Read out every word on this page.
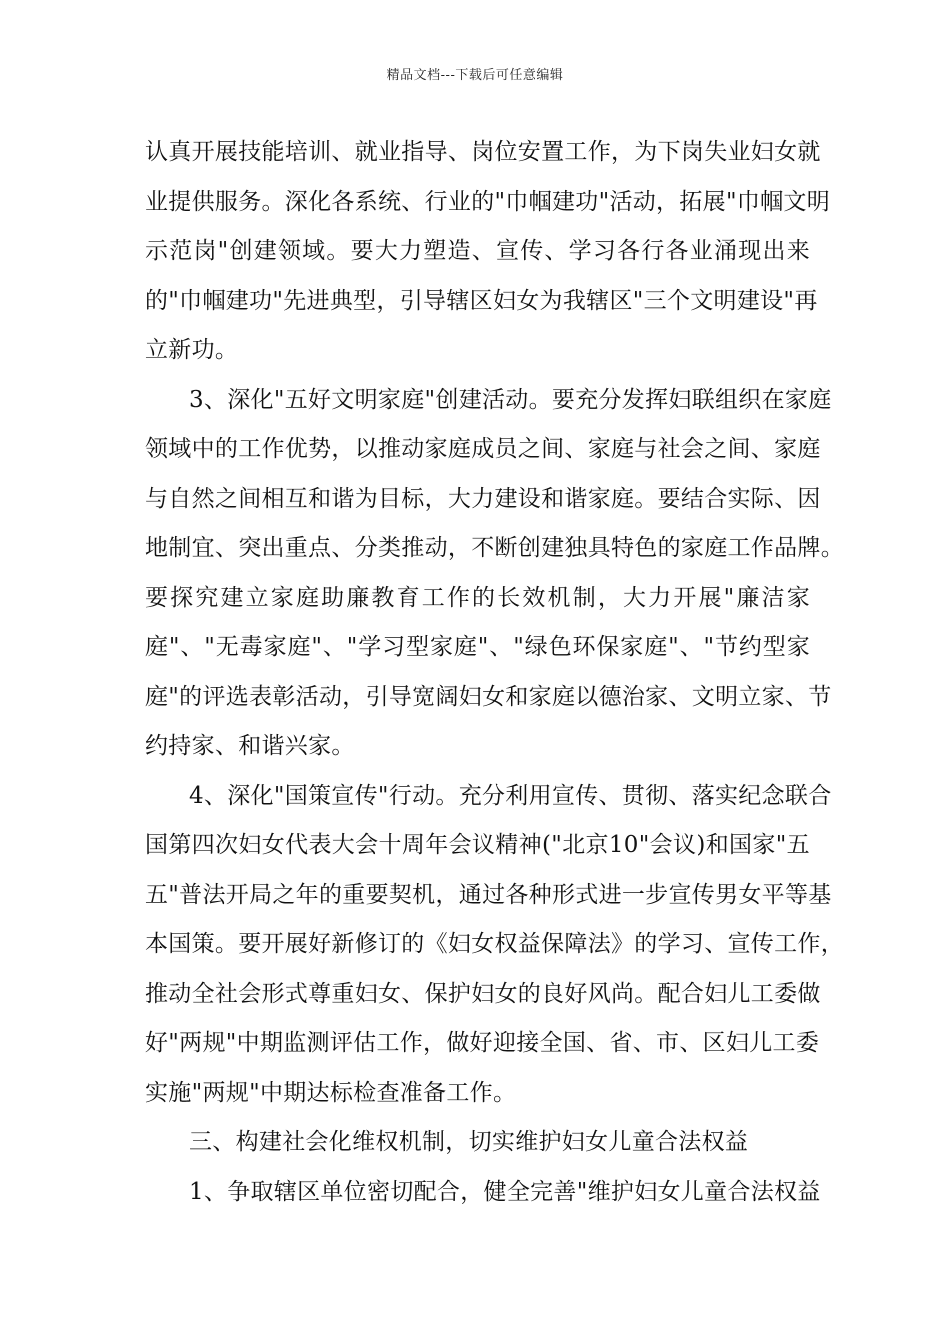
精品文档---下载后可任意编辑
认真开展技能培训、就业指导、岗位安置工作，为下岗失业妇女就
业提供服务。深化各系统、行业的"巾帼建功"活动，拓展"巾帼文明
示范岗"创建领域。要大力塑造、宣传、学习各行各业涌现出来
的"巾帼建功"先进典型，引导辖区妇女为我辖区"三个文明建设"再
立新功。
3、深化"五好文明家庭"创建活动。要充分发挥妇联组织在家庭
领域中的工作优势，以推动家庭成员之间、家庭与社会之间、家庭
与自然之间相互和谐为目标，大力建设和谐家庭。要结合实际、因
地制宜、突出重点、分类推动，不断创建独具特色的家庭工作品牌。
要探究建立家庭助廉教育工作的长效机制，大力开展"廉洁家
庭"、"无毒家庭"、"学习型家庭"、"绿色环保家庭"、"节约型家
庭"的评选表彰活动，引导宽阔妇女和家庭以德治家、文明立家、节
约持家、和谐兴家。
4、深化"国策宣传"行动。充分利用宣传、贯彻、落实纪念联合
国第四次妇女代表大会十周年会议精神("北京10"会议)和国家"五
五"普法开局之年的重要契机，通过各种形式进一步宣传男女平等基
本国策。要开展好新修订的《妇女权益保障法》的学习、宣传工作，
推动全社会形式尊重妇女、保护妇女的良好风尚。配合妇儿工委做
好"两规"中期监测评估工作，做好迎接全国、省、市、区妇儿工委
实施"两规"中期达标检查准备工作。
三、构建社会化维权机制，切实维护妇女儿童合法权益
1、争取辖区单位密切配合，健全完善"维护妇女儿童合法权益
